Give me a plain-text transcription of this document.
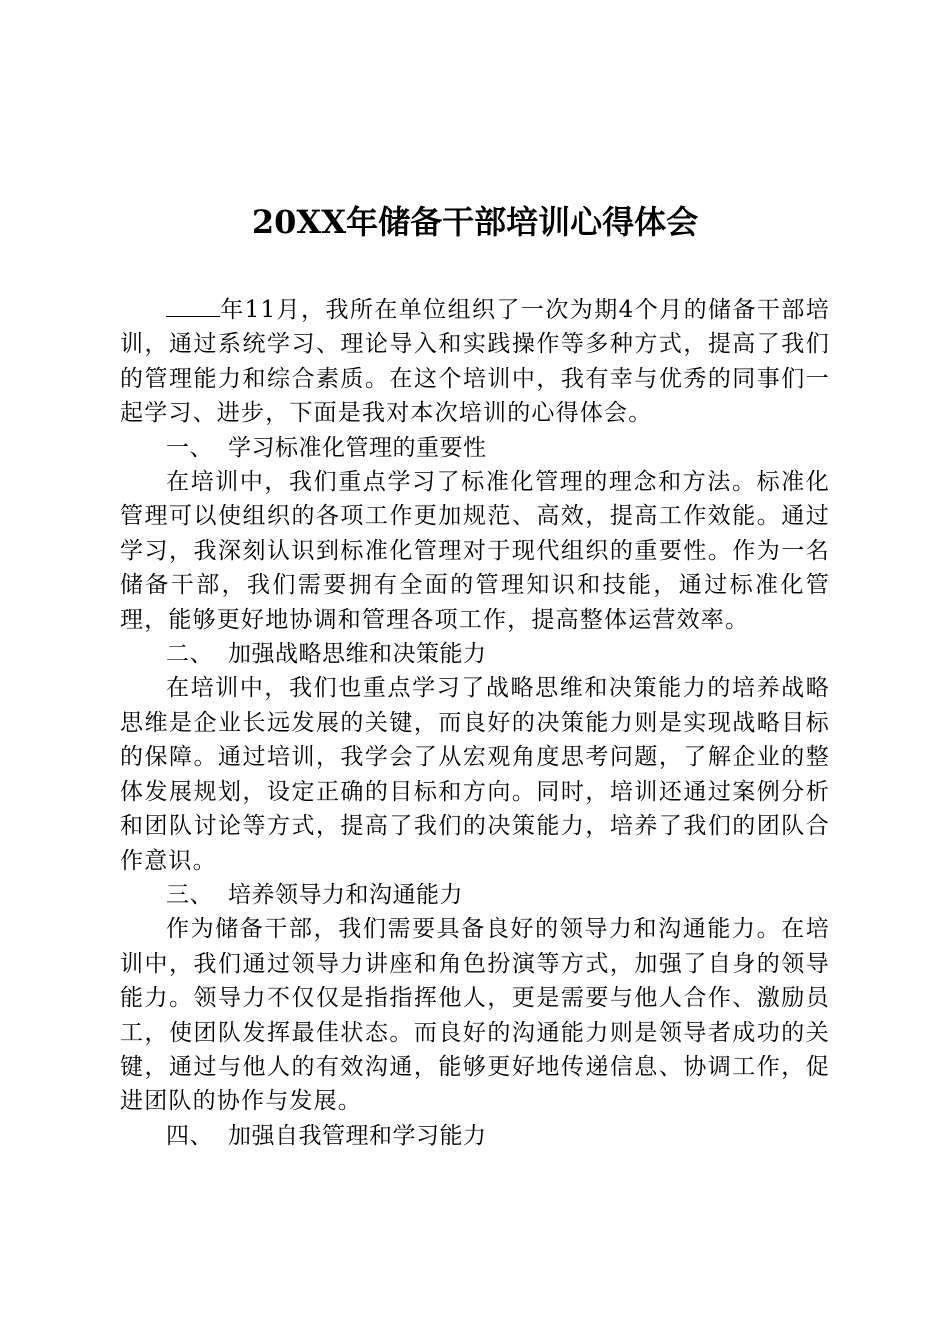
20XX年储备干部培训心得体会

年11月，我所在单位组织了一次为期4个月的储备干部培训，通过系统学习、理论导入和实践操作等多种方式，提高了我们的管理能力和综合素质。在这个培训中，我有幸与优秀的同事们一起学习、进步，下面是我对本次培训的心得体会。

一、 学习标准化管理的重要性

在培训中，我们重点学习了标准化管理的理念和方法。标准化管理可以使组织的各项工作更加规范、高效，提高工作效能。通过学习，我深刻认识到标准化管理对于现代组织的重要性。作为一名储备干部，我们需要拥有全面的管理知识和技能，通过标准化管理，能够更好地协调和管理各项工作，提高整体运营效率。

二、 加强战略思维和决策能力

在培训中，我们也重点学习了战略思维和决策能力的培养战略思维是企业长远发展的关键，而良好的决策能力则是实现战略目标的保障。通过培训，我学会了从宏观角度思考问题，了解企业的整体发展规划，设定正确的目标和方向。同时，培训还通过案例分析和团队讨论等方式，提高了我们的决策能力，培养了我们的团队合作意识。

三、 培养领导力和沟通能力

作为储备干部，我们需要具备良好的领导力和沟通能力。在培训中，我们通过领导力讲座和角色扮演等方式，加强了自身的领导能力。领导力不仅仅是指指挥他人，更是需要与他人合作、激励员工，使团队发挥最佳状态。而良好的沟通能力则是领导者成功的关键，通过与他人的有效沟通，能够更好地传递信息、协调工作，促进团队的协作与发展。

四、 加强自我管理和学习能力
